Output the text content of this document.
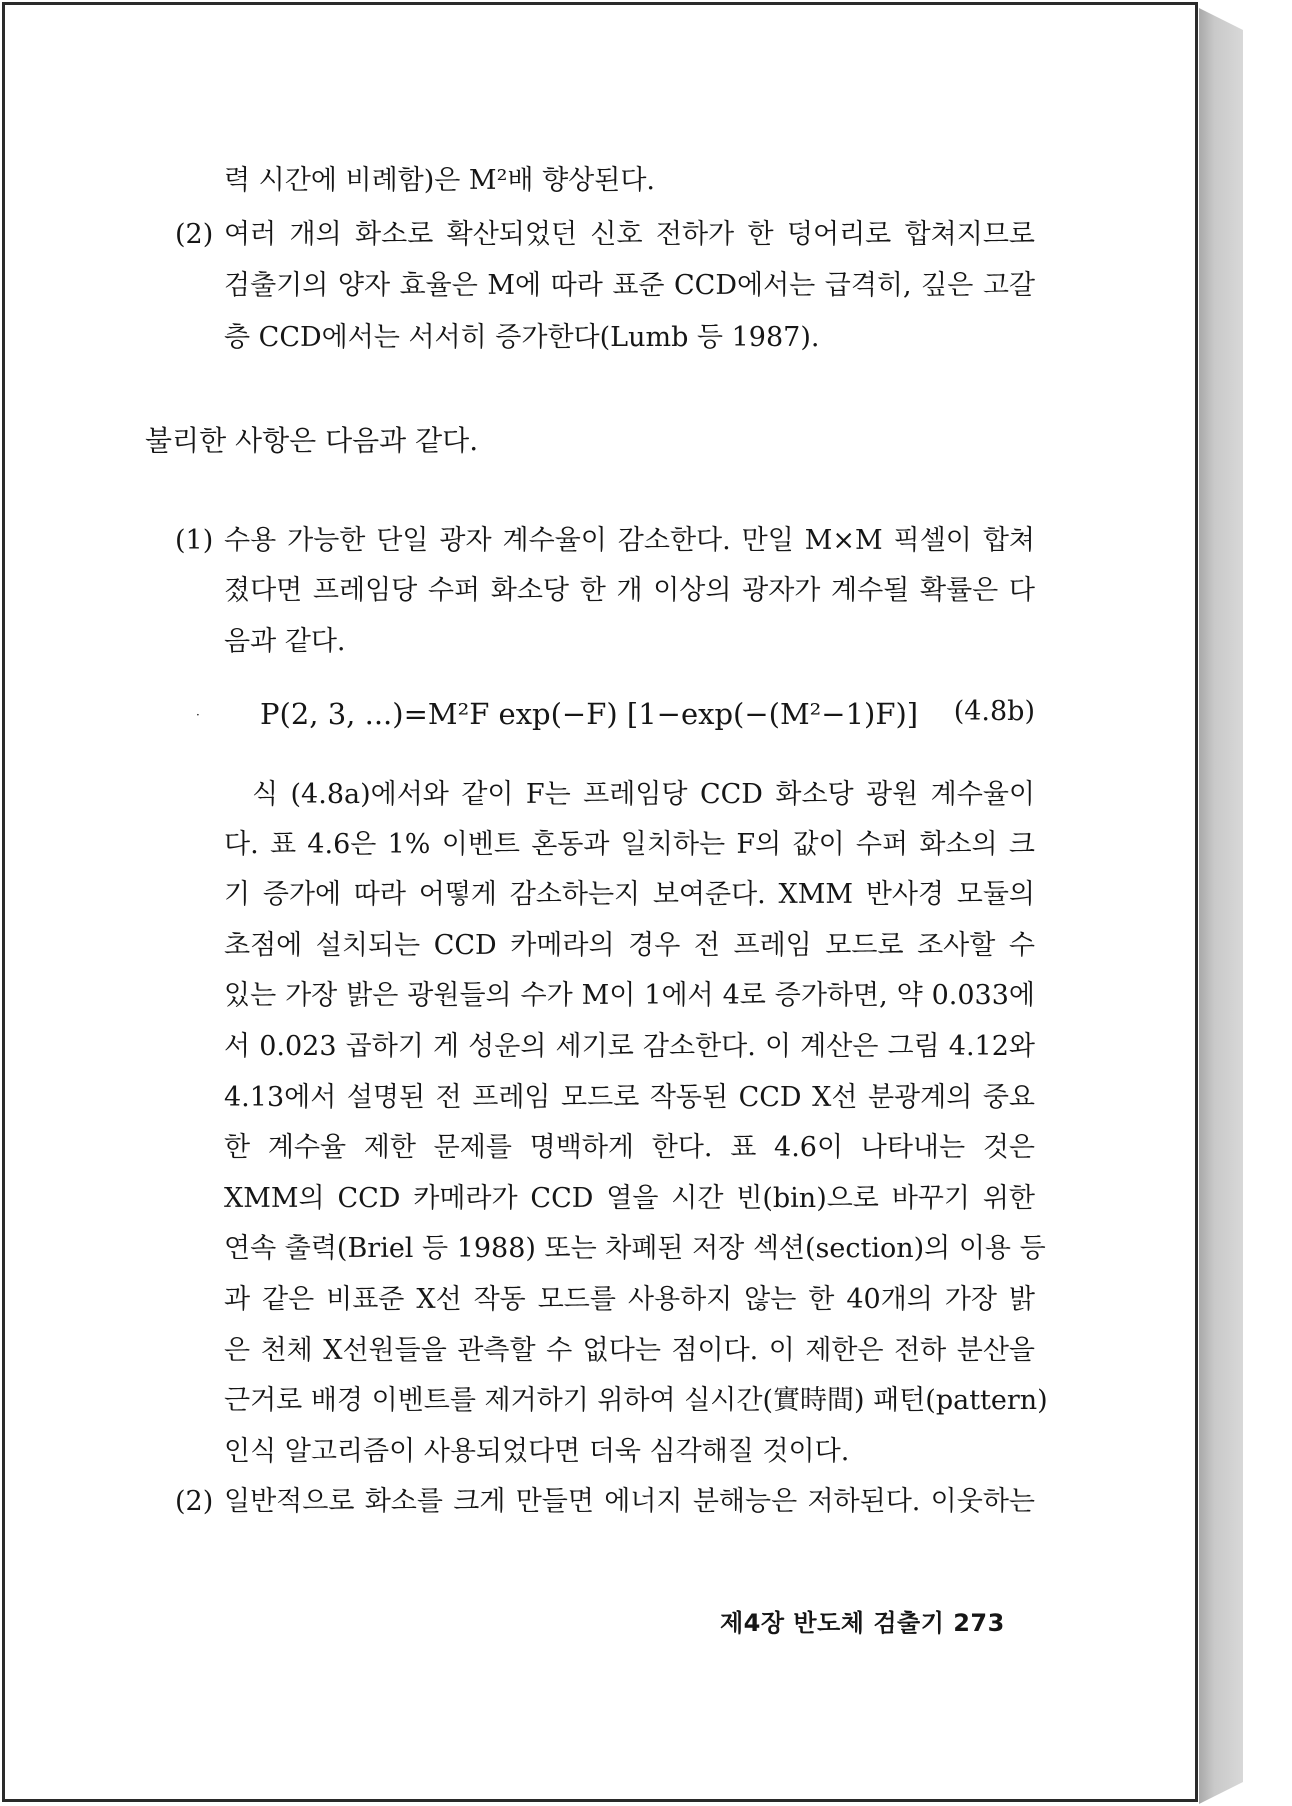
력 시간에 비례함)은 M²배 향상된다.
(2) 여러 개의 화소로 확산되었던 신호 전하가 한 덩어리로 합쳐지므로
검출기의 양자 효율은 M에 따라 표준 CCD에서는 급격히, 깊은 고갈
층 CCD에서는 서서히 증가한다(Lumb 등 1987).
불리한 사항은 다음과 같다.
(1) 수용 가능한 단일 광자 계수율이 감소한다. 만일 M×M 픽셀이 합쳐
졌다면 프레임당 수퍼 화소당 한 개 이상의 광자가 계수될 확률은 다
음과 같다.
· P(2, 3, ...)=M²F exp(−F) [1−exp(−(M²−1)F)] (4.8b)
식 (4.8a)에서와 같이 F는 프레임당 CCD 화소당 광원 계수율이
다. 표 4.6은 1% 이벤트 혼동과 일치하는 F의 값이 수퍼 화소의 크
기 증가에 따라 어떻게 감소하는지 보여준다. XMM 반사경 모듈의
초점에 설치되는 CCD 카메라의 경우 전 프레임 모드로 조사할 수
있는 가장 밝은 광원들의 수가 M이 1에서 4로 증가하면, 약 0.033에
서 0.023 곱하기 게 성운의 세기로 감소한다. 이 계산은 그림 4.12와
4.13에서 설명된 전 프레임 모드로 작동된 CCD X선 분광계의 중요
한 계수율 제한 문제를 명백하게 한다. 표 4.6이 나타내는 것은
XMM의 CCD 카메라가 CCD 열을 시간 빈(bin)으로 바꾸기 위한
연속 출력(Briel 등 1988) 또는 차폐된 저장 섹션(section)의 이용 등
과 같은 비표준 X선 작동 모드를 사용하지 않는 한 40개의 가장 밝
은 천체 X선원들을 관측할 수 없다는 점이다. 이 제한은 전하 분산을
근거로 배경 이벤트를 제거하기 위하여 실시간(實時間) 패턴(pattern)
인식 알고리즘이 사용되었다면 더욱 심각해질 것이다.
(2) 일반적으로 화소를 크게 만들면 에너지 분해능은 저하된다. 이웃하는
제4장 반도체 검출기 273
